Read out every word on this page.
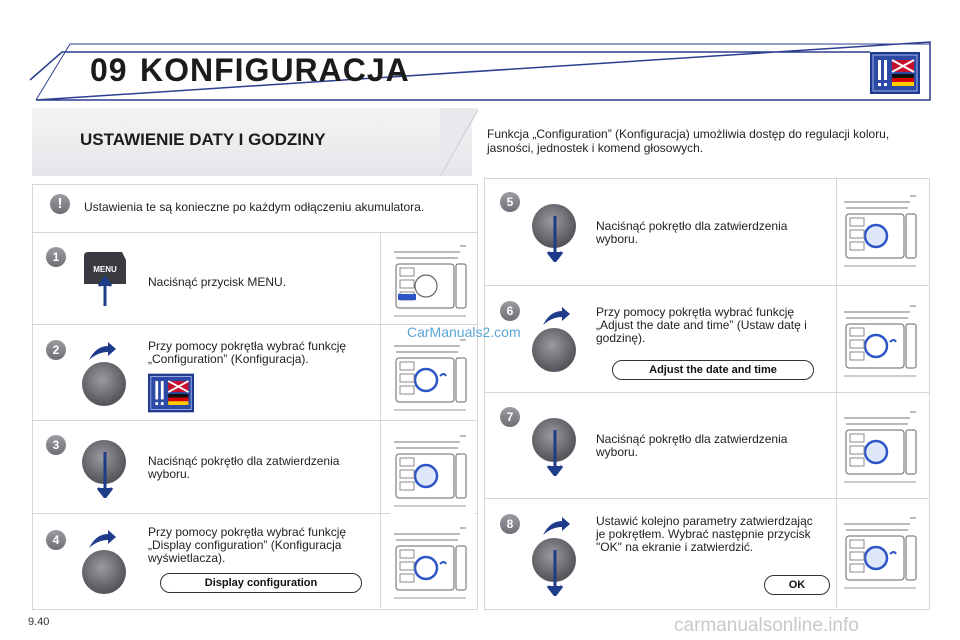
09 KONFIGURACJA
USTAWIENIE DATY I GODZINY	Funkcja „Configuration” (Konfiguracja) umożliwia dostęp do regulacji koloru, jasności, jednostek i komend głosowych.
!	Ustawienia te są konieczne po każdym odłączeniu akumulatora.
1
MENU
Naciśnąć przycisk MENU.
2	Przy pomocy pokrętła wybrać funkcję „Configuration” (Konfiguracja).
3
Naciśnąć pokrętło dla zatwierdzenia wyboru.
4
Przy pomocy pokrętła wybrać funkcję „Display configuration” (Konfiguracja wyświetlacza).
Display configuration
5
Naciśnąć pokrętło dla zatwierdzenia wyboru.
6	Przy pomocy pokrętła wybrać funkcję „Adjust the date and time” (Ustaw datę i godzinę).
Adjust the date and time
7
Naciśnąć pokrętło dla zatwierdzenia wyboru.
8	Ustawić kolejno parametry zatwierdzając je pokrętłem. Wybrać następnie przycisk "OK" na ekranie i zatwierdzić.
OK
9.40
CarManuals2.com
carmanualsonline.info
